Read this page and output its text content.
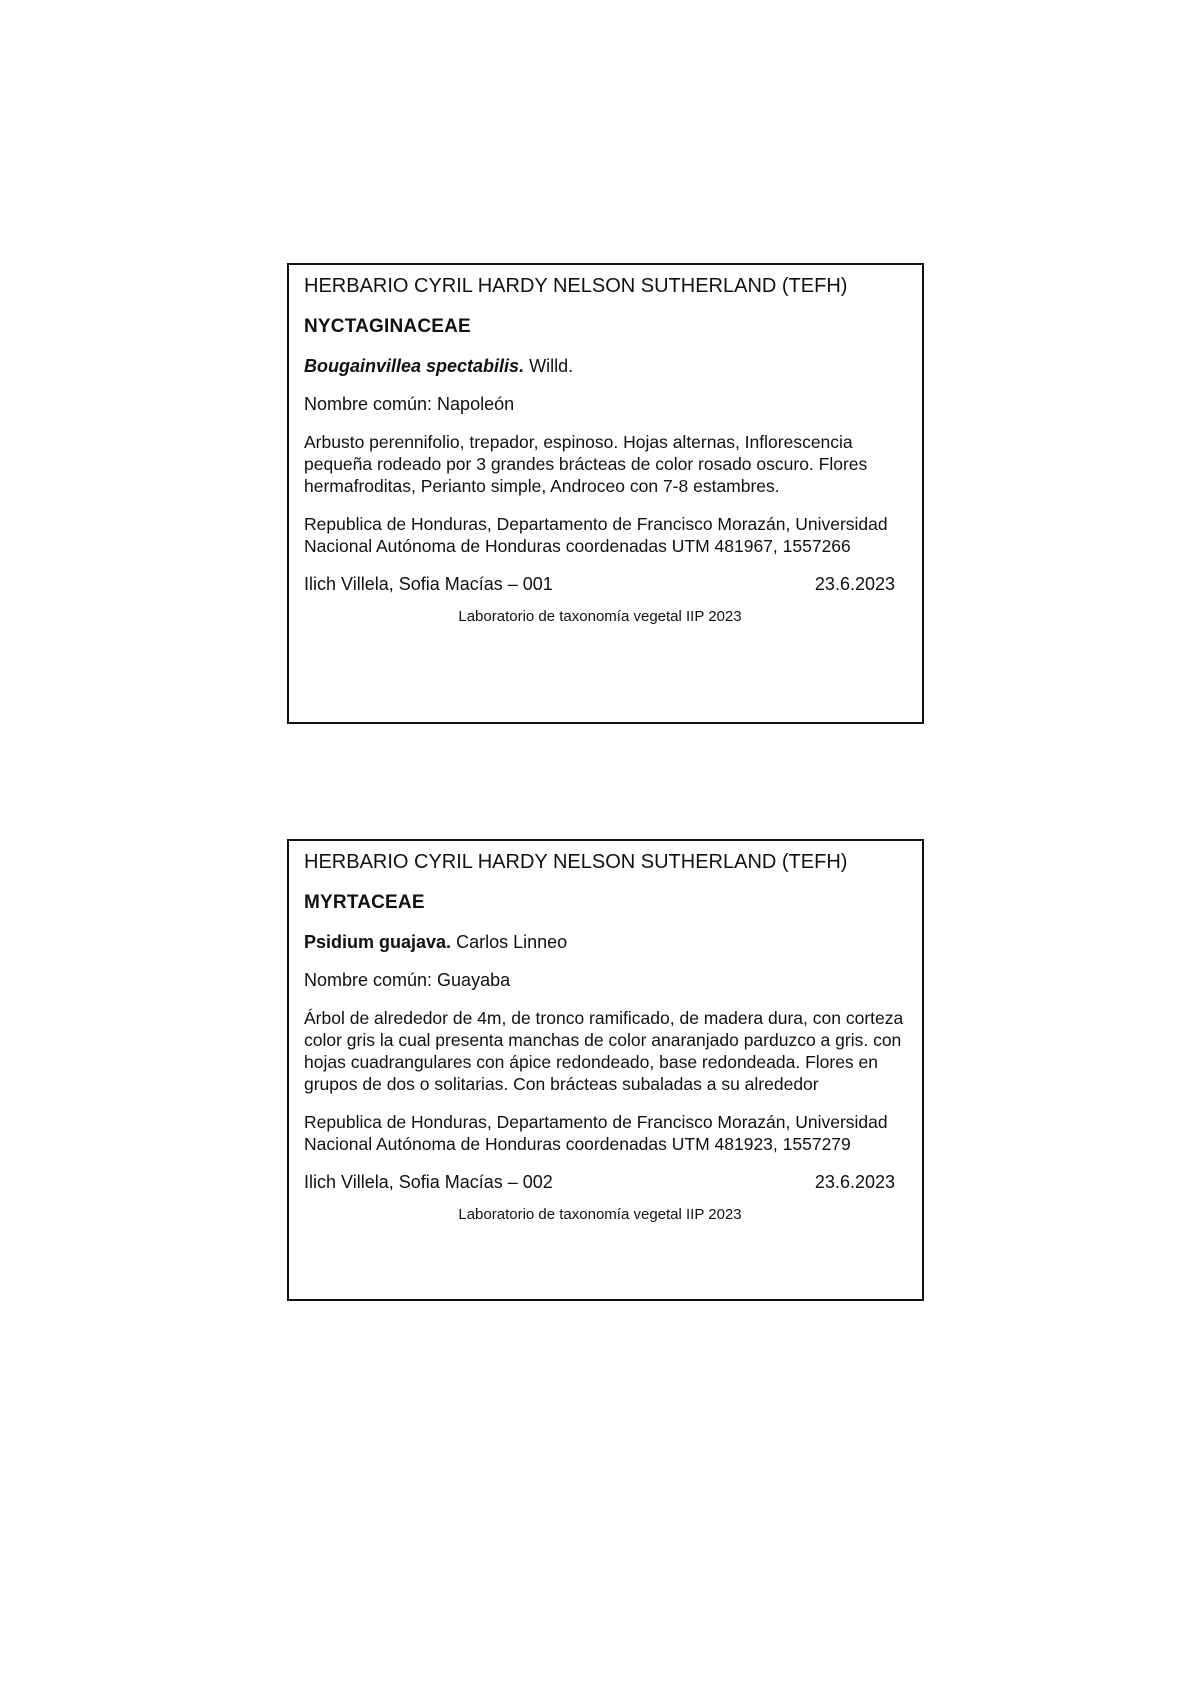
HERBARIO CYRIL HARDY NELSON SUTHERLAND (TEFH)

NYCTAGINACEAE

Bougainvillea spectabilis. Willd.

Nombre común: Napoleón

Arbusto perennifolio, trepador, espinoso. Hojas alternas, Inflorescencia pequeña rodeado por 3 grandes brácteas de color rosado oscuro. Flores hermafroditas, Perianto simple, Androceo con 7-8 estambres.

Republica de Honduras, Departamento de Francisco Morazán, Universidad Nacional Autónoma de Honduras coordenadas UTM 481967, 1557266

Ilich Villela, Sofia Macías – 001	23.6.2023

Laboratorio de taxonomía vegetal IIP 2023

HERBARIO CYRIL HARDY NELSON SUTHERLAND (TEFH)

MYRTACEAE

Psidium guajava. Carlos Linneo

Nombre común: Guayaba

Árbol de alrededor de 4m, de tronco ramificado, de madera dura, con corteza color gris la cual presenta manchas de color anaranjado parduzco a gris. con hojas cuadrangulares con ápice redondeado, base redondeada. Flores en grupos de dos o solitarias. Con brácteas subaladas a su alrededor

Republica de Honduras, Departamento de Francisco Morazán, Universidad Nacional Autónoma de Honduras coordenadas UTM 481923, 1557279

Ilich Villela, Sofia Macías – 002	23.6.2023

Laboratorio de taxonomía vegetal IIP 2023
